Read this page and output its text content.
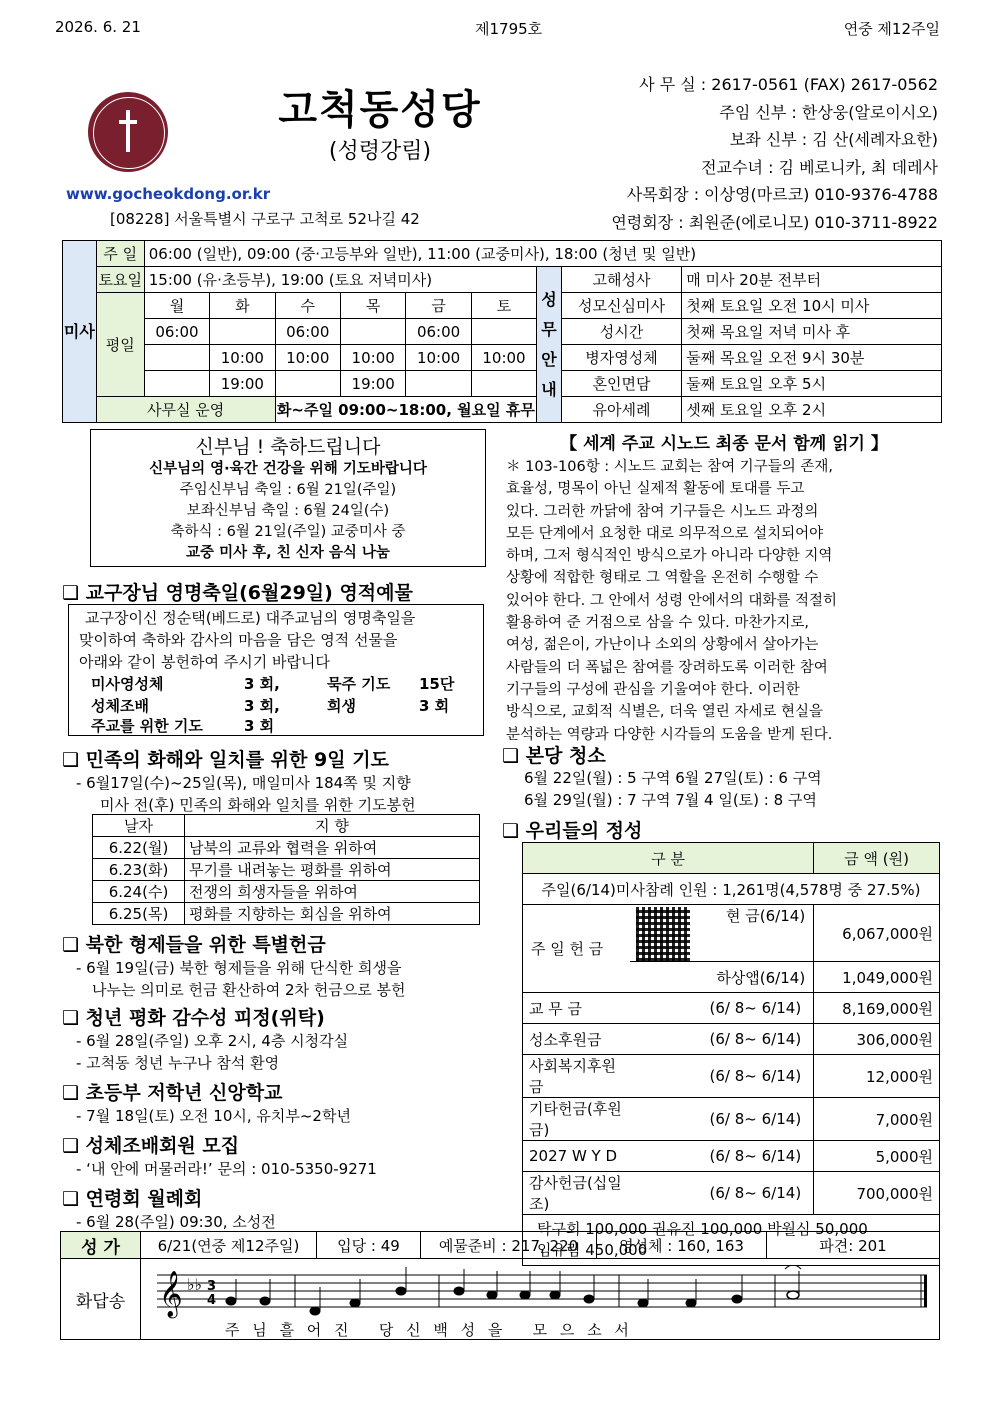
2026. 6. 21	제1795호	연중 제12주일
고척동성당
(성령강림)
www.gocheokdong.or.kr
[08228] 서울특별시 구로구 고척로 52나길 42
사 무 실 : 2617-0561 (FAX) 2617-0562
주임 신부 : 한상웅(알로이시오)
보좌 신부 : 김 산(세례자요한)
전교수녀 : 김 베로니카, 최 데레사
사목회장 : 이상영(마르코) 010-9376-4788
연령회장 : 최원준(에로니모) 010-3711-8922
미사	주 일	06:00 (일반), 09:00 (중·고등부와 일반), 11:00 (교중미사), 18:00 (청년 및 일반)								
	토요일	15:00 (유·초등부), 19:00 (토요 저녁미사)						성무안내	고해성사	매 미사 20분 전부터
	평일	월	화	수	목	금	토		성모신심미사	첫째 토요일 오전 10시 미사
		06:00		06:00		06:00			성시간	첫째 목요일 저녁 미사 후
			10:00	10:00	10:00	10:00	10:00		병자영성체	둘째 목요일 오전 9시 30분
			19:00		19:00				혼인면담	둘째 토요일 오후 5시
	사무실 운영			화~주일 09:00~18:00, 월요일 휴무					유아세례	셋째 토요일 오후 2시
신부님 ! 축하드립니다
신부님의 영·육간 건강을 위해 기도바랍니다
주임신부님 축일 : 6월 21일(주일)
보좌신부님 축일 : 6월 24일(수)
축하식 : 6월 21일(주일) 교중미사 중
교중 미사 후, 친 신자 음식 나눔
❑ 교구장님 영명축일(6월29일) 영적예물
교구장이신 정순택(베드로) 대주교님의 영명축일을
맞이하여 축하와 감사의 마음을 담은 영적 선물을
아래와 같이 봉헌하여 주시기 바랍니다
미사영성체	3 회,	묵주 기도 15단
성체조배	3 회,	희생	3 회
주교를 위한 기도	3 회
❑ 민족의 화해와 일치를 위한 9일 기도
- 6월17일(수)~25일(목), 매일미사 184쪽 및 지향
미사 전(후) 민족의 화해와 일치를 위한 기도봉헌
날자	지 향
6.22(월)	남북의 교류와 협력을 위하여
6.23(화)	무기를 내려놓는 평화를 위하여
6.24(수)	전쟁의 희생자들을 위하여
6.25(목)	평화를 지향하는 회심을 위하여
❑ 북한 형제들을 위한 특별헌금
- 6월 19일(금) 북한 형제들을 위해 단식한 희생을
나누는 의미로 헌금 환산하여 2차 헌금으로 봉헌
❑ 청년 평화 감수성 피정(위탁)
- 6월 28일(주일) 오후 2시, 4층 시청각실
- 고척동 청년 누구나 참석 환영
❑ 초등부 저학년 신앙학교
- 7월 18일(토) 오전 10시, 유치부~2학년
❑ 성체조배회원 모집
- ‘내 안에 머물러라!’ 문의 : 010-5350-9271
❑ 연령회 월례회
- 6월 28(주일) 09:30, 소성전
【 세계 주교 시노드 최종 문서 함께 읽기 】
＊ 103-106항 : 시노드 교회는 참여 기구들의 존재,
효율성, 명목이 아닌 실제적 활동에 토대를 두고
있다. 그러한 까닭에 참여 기구들은 시노드 과정의
모든 단계에서 요청한 대로 의무적으로 설치되어야
하며, 그저 형식적인 방식으로가 아니라 다양한 지역
상황에 적합한 형태로 그 역할을 온전히 수행할 수
있어야 한다. 그 안에서 성령 안에서의 대화를 적절히
활용하여 준 거점으로 삼을 수 있다. 마찬가지로,
여성, 젊은이, 가난이나 소외의 상황에서 살아가는
사람들의 더 폭넓은 참여를 장려하도록 이러한 참여
기구들의 구성에 관심을 기울여야 한다. 이러한
방식으로, 교회적 식별은, 더욱 열린 자세로 현실을
분석하는 역량과 다양한 시각들의 도움을 받게 된다.
❑ 본당 청소
6월 22일(월) : 5 구역 6월 27일(토) : 6 구역
6월 29일(월) : 7 구역 7월 4 일(토) : 8 구역
❑ 우리들의 정성
구 분		금 액 (원)
주일(6/14)미사참례 인원 : 1,261명(4,578명 중 27.5%)		
주 일 헌 금	현 금(6/14)	6,067,000원
	하상앱(6/14)	1,049,000원
교 무 금	(6/ 8~ 6/14)	8,169,000원
성소후원금	(6/ 8~ 6/14)	306,000원
사회복지후원금	(6/ 8~ 6/14)	12,000원
기타헌금(후원금)	(6/ 8~ 6/14)	7,000원
2027 W Y D	(6/ 8~ 6/14)	5,000원
감사헌금(십일조)	(6/ 8~ 6/14)	700,000원

탁구회 100,000 권유진 100,000 박월심 50,000
임유림 450,000		
성 가	6/21(연중 제12주일)	입당 : 49	예물준비 : 217, 220	영성체 : 160, 163	파견: 201
화답송	𝄞 ♭♭ 3
4
주 님 흘 어 진   당 신 백 성 을   모 으 소 서				
